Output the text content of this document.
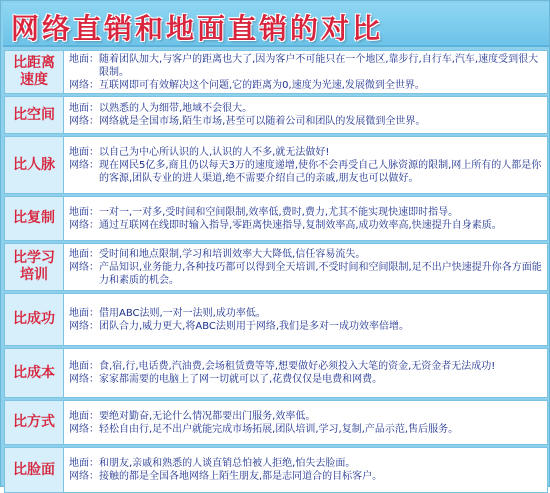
网络直销和地面直销的对比
比距离
速度
地面： 随着团队加大,与客户的距离也大了,因为客户不可能只在一个地区,靠步行,自行车,汽车,速度受到很大限制。
网络： 互联网即可有效解决这个问题,它的距离为0,速度为光速,发展微到全世界。
比空间 地面： 以熟悉的人为细带,地域不会很大。
网络： 网络就是全国市场,陌生市场,甚至可以随着公司和团队的发展微到全世界。
比人脉
地面： 以自己为中心所认识的人,认识的人不多,就无法做好!
网络： 现在网民5亿多,商且仍以每天3万的速度递增,使你不会再受自己人脉资源的限制,网上所有的人都是你的客源,团队专业的进人渠道,绝不需要介绍自己的亲戚,朋友也可以做好。
比复制 地面： 一对一,一对多,受时间和空间限制,效率低,费时,费力,尤其不能实现快速即时指导。
网络： 通过互联网在线即时输入指导,零距离快速指导,复制效率高,成功效率高,快速提升自身素质。
比学习
培训
地面： 受时间和地点限制,学习和培训效率大大降低,信任容易流失。
网络： 产品知识,业务能力,各种技巧都可以得到全天培训,不受时间和空间限制,足不出户快速提升你各方面能力和素质的机会。
比成功 地面： 借用ABC法则,一对一法则,成功率低。
网络： 团队合力,威力更大,将ABC法则用于网络,我们是多对一成功效率倍增。
比成本 地面： 食,宿,行,电话费,汽油费,会场租赁费等等,想要做好必须投入大笔的资金,无资金者无法成功!
网络： 家家都需要的电脑上了网一切就可以了,花费仅仅是电费和网费。
比方式 地面： 要绝对勤奋,无论什么情况都要出门服务,效率低。
网络： 轻松自由行,足不出户就能完成市场拓展,团队培训,学习,复制,产品示范,售后服务。
比脸面 地面： 和朋友,亲戚和熟悉的人谈直销总怕被人拒绝,怕失去脸面。
网络： 接触的都是全国各地网络上陌生朋友,都是志同道合的目标客户。
